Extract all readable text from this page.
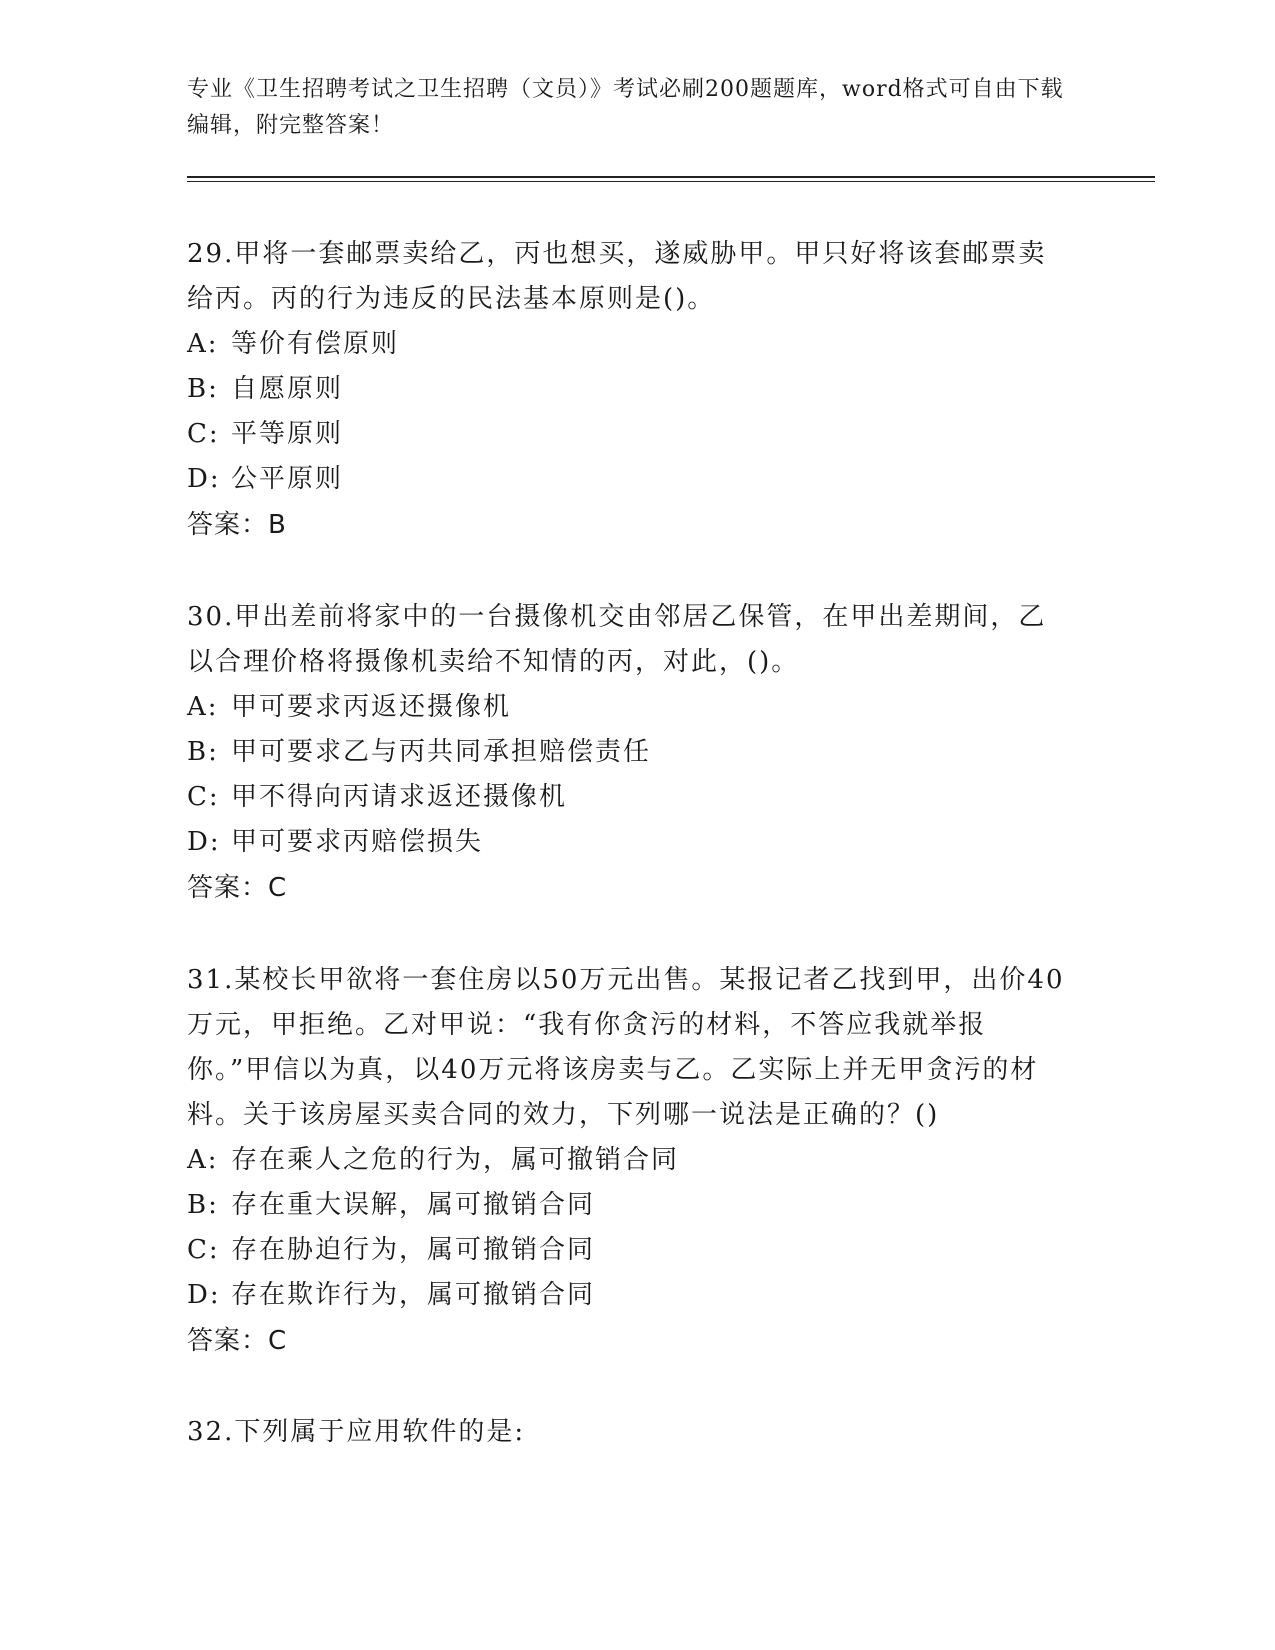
专业《卫生招聘考试之卫生招聘（文员）》考试必刷200题题库，word格式可自由下载编辑，附完整答案！
29.甲将一套邮票卖给乙，丙也想买，遂威胁甲。甲只好将该套邮票卖给丙。丙的行为违反的民法基本原则是()。
A: 等价有偿原则
B: 自愿原则
C: 平等原则
D: 公平原则
答案：B
30.甲出差前将家中的一台摄像机交由邻居乙保管，在甲出差期间，乙以合理价格将摄像机卖给不知情的丙，对此，()。
A: 甲可要求丙返还摄像机
B: 甲可要求乙与丙共同承担赔偿责任
C: 甲不得向丙请求返还摄像机
D: 甲可要求丙赔偿损失
答案：C
31.某校长甲欲将一套住房以50万元出售。某报记者乙找到甲，出价40万元，甲拒绝。乙对甲说：“我有你贪污的材料，不答应我就举报你。”甲信以为真，以40万元将该房卖与乙。乙实际上并无甲贪污的材料。关于该房屋买卖合同的效力，下列哪一说法是正确的？()
A: 存在乘人之危的行为，属可撤销合同
B: 存在重大误解，属可撤销合同
C: 存在胁迫行为，属可撤销合同
D: 存在欺诈行为，属可撤销合同
答案：C
32.下列属于应用软件的是:
